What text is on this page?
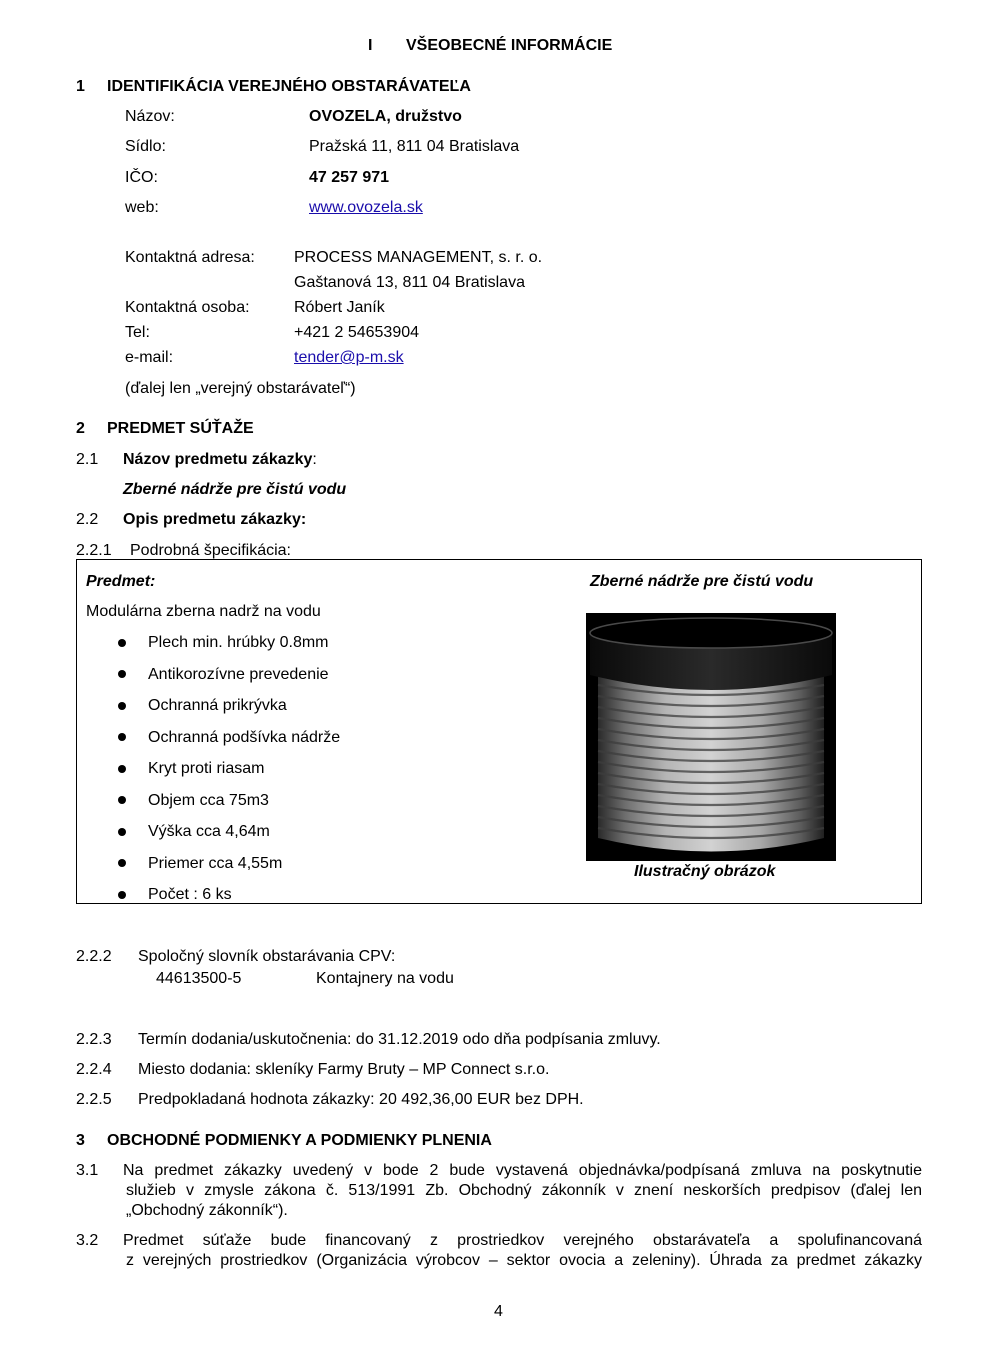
I VŠEOBECNÉ INFORMÁCIE
1 IDENTIFIKÁCIA VEREJNÉHO OBSTARÁVATEĽA
Názov:	OVOZELA, družstvo
Sídlo:	Pražská 11, 811 04 Bratislava
IČO:	47 257 971
web:	www.ovozela.sk
Kontaktná adresa: PROCESS MANAGEMENT, s. r. o.
Gaštanová 13, 811 04 Bratislava
Kontaktná osoba:	Róbert Janík
Tel:	+421 2 54653904
e-mail:	tender@p-m.sk
(ďalej len „verejný obstarávateľ“)
2 PREDMET SÚŤAŽE
2.1 Názov predmetu zákazky:
Zberné nádrže pre čistú vodu
2.2 Opis predmetu zákazky:
2.2.1 Podrobná špecifikácia:
Predmet:	Zberné nádrže pre čistú vodu
Modulárna zberna nadrž na vodu
Plech min. hrúbky 0.8mm
Antikorozívne prevedenie
Ochranná prikrývka
Ochranná podšívka nádrže
Kryt proti riasam
Objem cca 75m3
Výška cca 4,64m
Priemer cca 4,55m
Počet : 6 ks
Ilustračný obrázok
2.2.2 Spoločný slovník obstarávania CPV:
44613500-5	Kontajnery na vodu
2.2.3 Termín dodania/uskutočnenia: do 31.12.2019 odo dňa podpísania zmluvy.
2.2.4 Miesto dodania: skleníky Farmy Bruty – MP Connect s.r.o.
2.2.5 Predpokladaná hodnota zákazky: 20 492,36,00 EUR bez DPH.
3 OBCHODNÉ PODMIENKY A PODMIENKY PLNENIA
3.1 Na predmet zákazky uvedený v bode 2 bude vystavená objednávka/podpísaná zmluva na poskytnutie
služieb v zmysle zákona č. 513/1991 Zb. Obchodný zákonník v znení neskorších predpisov (ďalej len
„Obchodný zákonník“).
3.2 Predmet súťaže bude financovaný z prostriedkov verejného obstarávateľa a spolufinancovaná
z verejných prostriedkov (Organizácia výrobcov – sektor ovocia a zeleniny). Úhrada za predmet zákazky
4
